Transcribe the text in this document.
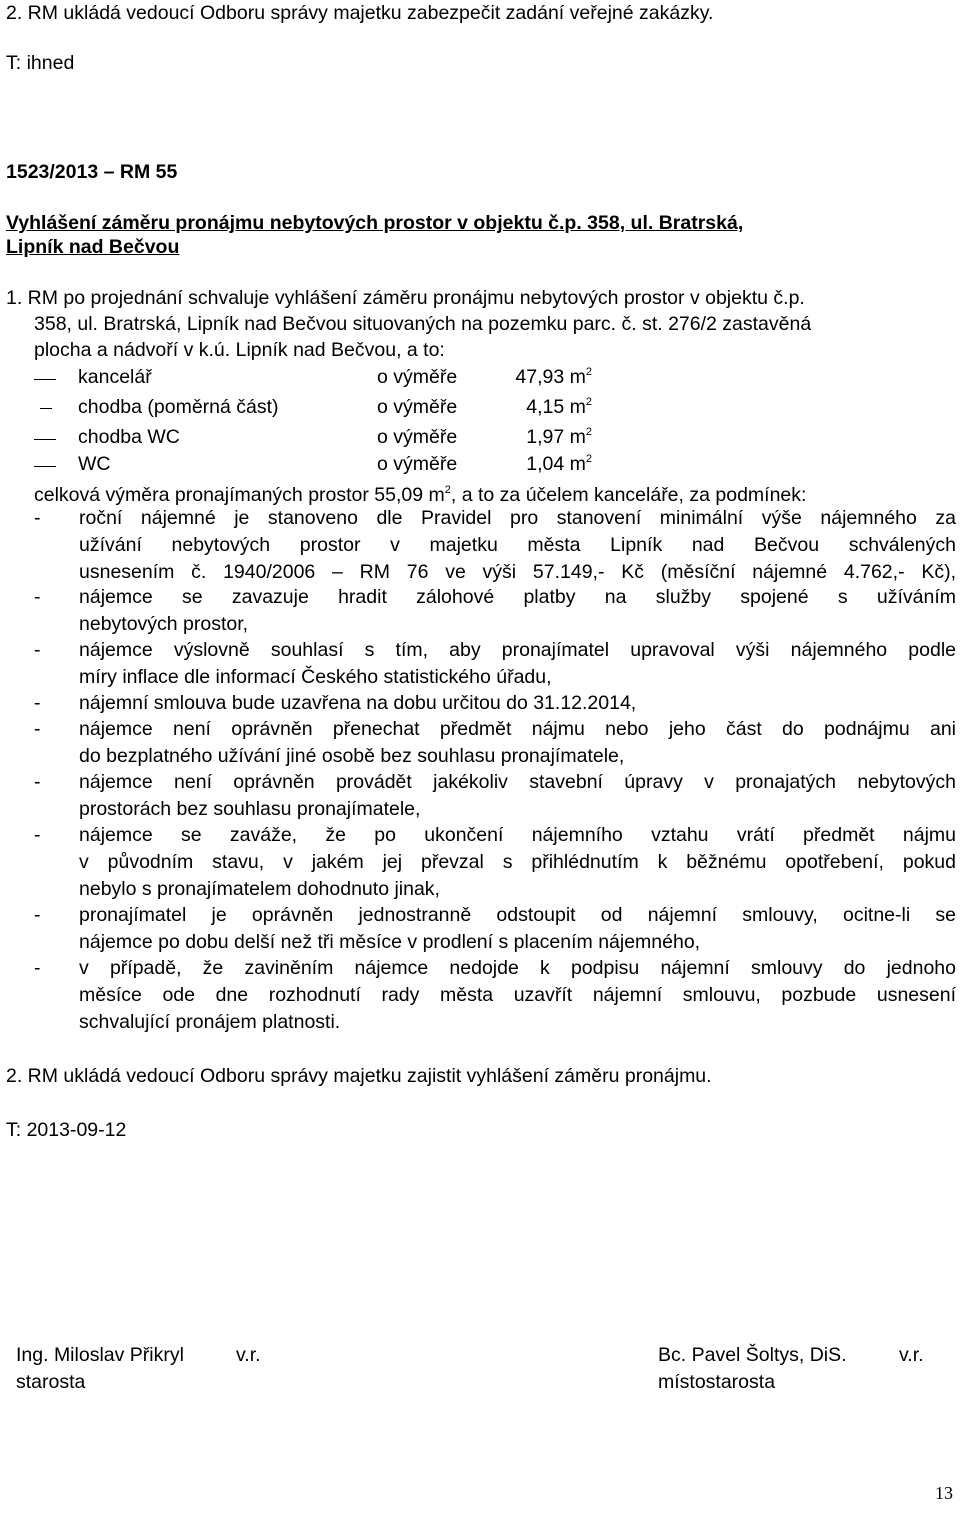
2. RM ukládá vedoucí Odboru správy majetku zabezpečit zadání veřejné zakázky.
T: ihned
1523/2013 – RM 55
Vyhlášení záměru pronájmu nebytových prostor v objektu č.p. 358, ul. Bratrská,
Lipník nad Bečvou
1. RM po projednání schvaluje vyhlášení záměru pronájmu nebytových prostor v objektu č.p.
358, ul. Bratrská, Lipník nad Bečvou situovaných na pozemku parc. č. st. 276/2 zastavěná
plocha a nádvoří v k.ú. Lipník nad Bečvou, a to:
kancelář	o výměře	47,93 $m^2$
chodba (poměrná část)	o výměře	4,15 $m^2$
chodba WC	o výměře	1,97 $m^2$
WC	o výměře	1,04 $m^2$
celková výměra pronajímaných prostor 55,09 $m^2$, a to za účelem kanceláře, za podmínek:
- roční nájemné je stanoveno dle Pravidel pro stanovení minimální výše nájemného za
užívání nebytových prostor v majetku města Lipník nad Bečvou schválených
usnesením č. 1940/2006 – RM 76 ve výši 57.149,- Kč (měsíční nájemné 4.762,- Kč),
- nájemce se zavazuje hradit zálohové platby na služby spojené s užíváním
nebytových prostor,
- nájemce výslovně souhlasí s tím, aby pronajímatel upravoval výši nájemného podle
míry inflace dle informací Českého statistického úřadu,
- nájemní smlouva bude uzavřena na dobu určitou do 31.12.2014,
- nájemce není oprávněn přenechat předmět nájmu nebo jeho část do podnájmu ani
do bezplatného užívání jiné osobě bez souhlasu pronajímatele,
- nájemce není oprávněn provádět jakékoliv stavební úpravy v pronajatých nebytových
prostorách bez souhlasu pronajímatele,
- nájemce se zaváže, že po ukončení nájemního vztahu vrátí předmět nájmu
v původním stavu, v jakém jej převzal s přihlédnutím k běžnému opotřebení, pokud
nebylo s pronajímatelem dohodnuto jinak,
- pronajímatel je oprávněn jednostranně odstoupit od nájemní smlouvy, ocitne-li se
nájemce po dobu delší než tři měsíce v prodlení s placením nájemného,
- v případě, že zaviněním nájemce nedojde k podpisu nájemní smlouvy do jednoho
měsíce ode dne rozhodnutí rady města uzavřít nájemní smlouvu, pozbude usnesení
schvalující pronájem platnosti.
2. RM ukládá vedoucí Odboru správy majetku zajistit vyhlášení záměru pronájmu.
T: 2013-09-12
Ing. Miloslav Přikryl	v.r.
starosta
Bc. Pavel Šoltys, DiS.	v.r.
místostarosta
13
